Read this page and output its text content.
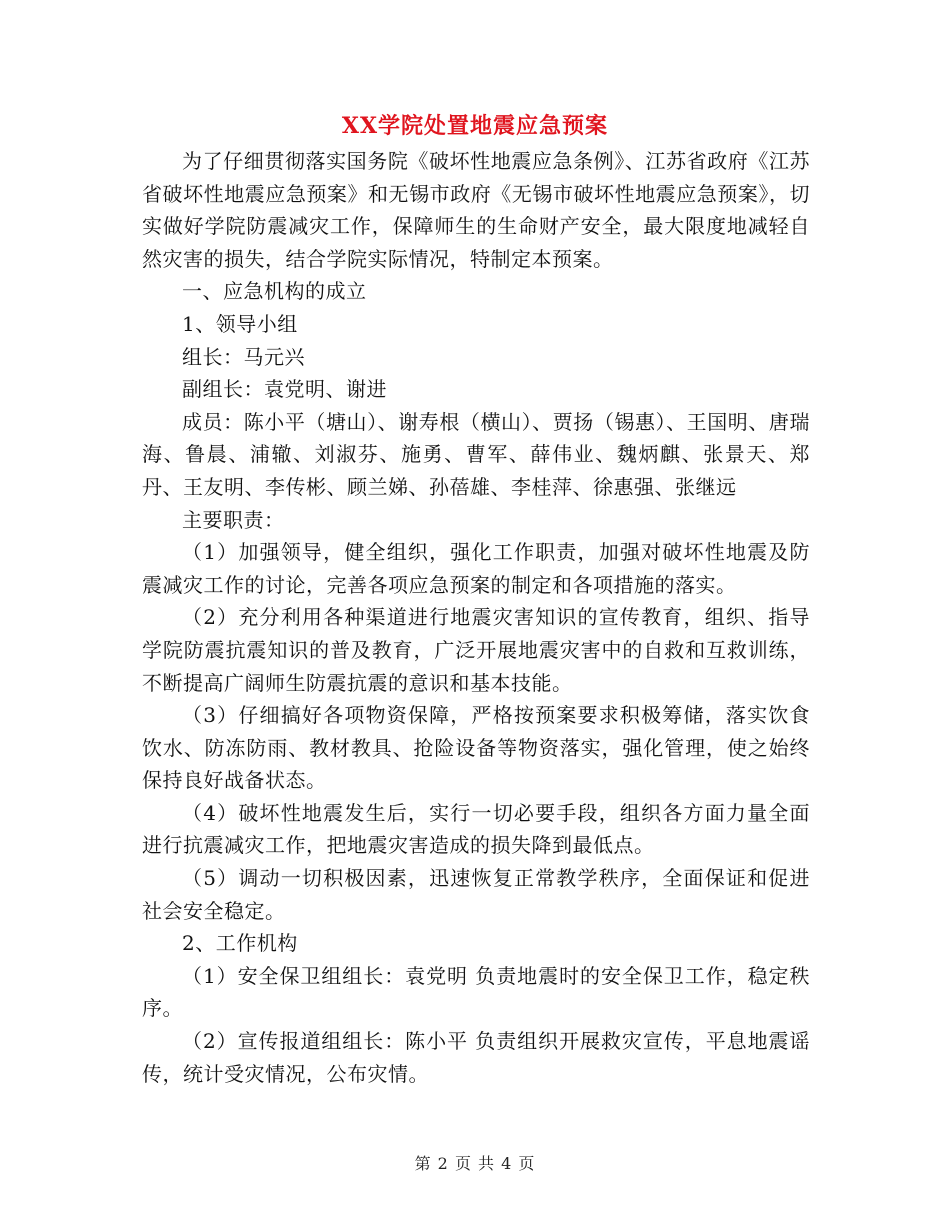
XX学院处置地震应急预案

为了仔细贯彻落实国务院《破坏性地震应急条例》、江苏省政府《江苏省破坏性地震应急预案》和无锡市政府《无锡市破坏性地震应急预案》，切实做好学院防震减灾工作，保障师生的生命财产安全，最大限度地减轻自然灾害的损失，结合学院实际情况，特制定本预案。

一、应急机构的成立

1、领导小组

组长：马元兴

副组长：袁党明、谢进

成员：陈小平（塘山）、谢寿根（横山）、贾扬（锡惠）、王国明、唐瑞海、鲁晨、浦辙、刘淑芬、施勇、曹军、薛伟业、魏炳麒、张景天、郑丹、王友明、李传彬、顾兰娣、孙蓓雄、李桂萍、徐惠强、张继远

主要职责：

（1）加强领导，健全组织，强化工作职责，加强对破坏性地震及防震减灾工作的讨论，完善各项应急预案的制定和各项措施的落实。

（2）充分利用各种渠道进行地震灾害知识的宣传教育，组织、指导学院防震抗震知识的普及教育，广泛开展地震灾害中的自救和互救训练，不断提高广阔师生防震抗震的意识和基本技能。

（3）仔细搞好各项物资保障，严格按预案要求积极筹储，落实饮食饮水、防冻防雨、教材教具、抢险设备等物资落实，强化管理，使之始终保持良好战备状态。

（4）破坏性地震发生后，实行一切必要手段，组织各方面力量全面进行抗震减灾工作，把地震灾害造成的损失降到最低点。

（5）调动一切积极因素，迅速恢复正常教学秩序，全面保证和促进社会安全稳定。

2、工作机构

（1）安全保卫组组长：袁党明 负责地震时的安全保卫工作，稳定秩序。

（2）宣传报道组组长：陈小平 负责组织开展救灾宣传，平息地震谣传，统计受灾情况，公布灾情。

第 2 页 共 4 页
